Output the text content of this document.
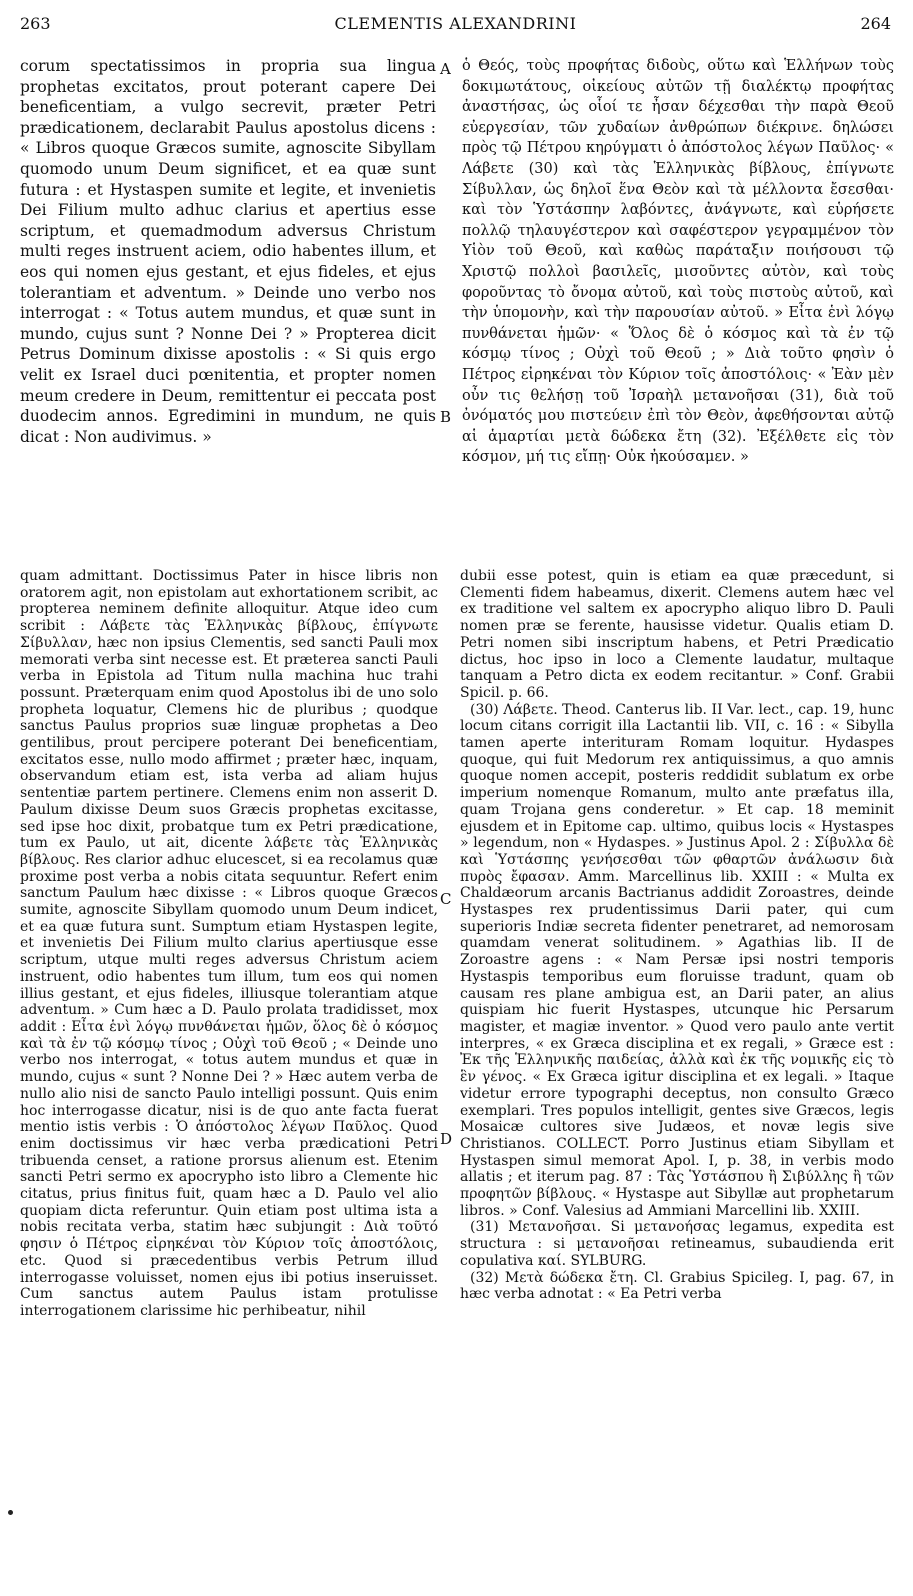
263	CLEMENTIS ALEXANDRINI	264

corum spectatissimos in propria sua lingua prophetas excitatos, prout poterant capere Dei beneficentiam, a vulgo secrevit, præter Petri prædicationem, declarabit Paulus apostolus dicens : « Libros quoque Græcos sumite, agnoscite Sibyllam quomodo unum Deum significet, et ea quæ sunt futura : et Hystaspen sumite et legite, et invenietis Dei Filium multo adhuc clarius et apertius esse scriptum, et quemadmodum adversus Christum multi reges instruent aciem, odio habentes illum, et eos qui nomen ejus gestant, et ejus fideles, et ejus tolerantiam et adventum. » Deinde uno verbo nos interrogat : « Totus autem mundus, et quæ sunt in mundo, cujus sunt ? Nonne Dei ? » Propterea dicit Petrus Dominum dixisse apostolis : « Si quis ergo velit ex Israel duci pœnitentia, et propter nomen meum credere in Deum, remittentur ei peccata post duodecim annos. Egredimini in mundum, ne quis dicat : Non audivimus. »

ὁ Θεός, τοὺς προφήτας διδοὺς, οὕτω καὶ Ἑλλήνων τοὺς δοκιμωτάτους, οἰκείους αὐτῶν τῇ διαλέκτῳ προφήτας ἀναστήσας, ὡς οἷοί τε ἦσαν δέχεσθαι τὴν παρὰ Θεοῦ εὐεργεσίαν, τῶν χυδαίων ἀνθρώπων διέκρινε. δηλώσει πρὸς τῷ Πέτρου κηρύγματι ὁ ἀπόστολος λέγων Παῦλος· « Λάβετε (30) καὶ τὰς Ἑλληνικὰς βίβλους, ἐπίγνωτε Σίβυλλαν, ὡς δηλοῖ ἕνα Θεὸν καὶ τὰ μέλλοντα ἔσεσθαι· καὶ τὸν Ὑστάσπην λαβόντες, ἀνάγνωτε, καὶ εὑρήσετε πολλῷ τηλαυγέστερον καὶ σαφέστερον γεγραμμένον τὸν Υἱὸν τοῦ Θεοῦ, καὶ καθὼς παράταξιν ποιήσουσι τῷ Χριστῷ πολλοὶ βασιλεῖς, μισοῦντες αὐτὸν, καὶ τοὺς φοροῦντας τὸ ὄνομα αὐτοῦ, καὶ τοὺς πιστοὺς αὐτοῦ, καὶ τὴν ὑπομονὴν, καὶ τὴν παρουσίαν αὐτοῦ. » Εἶτα ἑνὶ λόγῳ πυνθάνεται ἡμῶν· « Ὅλος δὲ ὁ κόσμος καὶ τὰ ἐν τῷ κόσμῳ τίνος ; Οὐχὶ τοῦ Θεοῦ ; » Διὰ τοῦτο φησὶν ὁ Πέτρος εἰρηκέναι τὸν Κύριον τοῖς ἀποστόλοις· « Ἐὰν μὲν οὖν τις θελήσῃ τοῦ Ἰσραὴλ μετανοῆσαι (31), διὰ τοῦ ὀνόματός μου πιστεύειν ἐπὶ τὸν Θεὸν, ἀφεθήσονται αὐτῷ αἱ ἁμαρτίαι μετὰ δώδεκα ἔτη (32). Ἐξέλθετε εἰς τὸν κόσμον, μή τις εἴπῃ· Οὐκ ἠκούσαμεν. »

A
B
C
D

quam admittant. Doctissimus Pater in hisce libris non oratorem agit, non epistolam aut exhortationem scribit, ac propterea neminem definite alloquitur. Atque ideo cum scribit : Λάβετε τὰς Ἑλληνικὰς βίβλους, ἐπίγνωτε Σίβυλλαν, hæc non ipsius Clementis, sed sancti Pauli mox memorati verba sint necesse est. Et præterea sancti Pauli verba in Epistola ad Titum nulla machina huc trahi possunt. Præterquam enim quod Apostolus ibi de uno solo propheta loquatur, Clemens hic de pluribus ; quodque sanctus Paulus proprios suæ linguæ prophetas a Deo gentilibus, prout percipere poterant Dei beneficentiam, excitatos esse, nullo modo affirmet ; præter hæc, inquam, observandum etiam est, ista verba ad aliam hujus sententiæ partem pertinere. Clemens enim non asserit D. Paulum dixisse Deum suos Græcis prophetas excitasse, sed ipse hoc dixit, probatque tum ex Petri prædicatione, tum ex Paulo, ut ait, dicente λάβετε τὰς Ἑλληνικὰς βίβλους. Res clarior adhuc elucescet, si ea recolamus quæ proxime post verba a nobis citata sequuntur. Refert enim sanctum Paulum hæc dixisse : « Libros quoque Græcos sumite, agnoscite Sibyllam quomodo unum Deum indicet, et ea quæ futura sunt. Sumptum etiam Hystaspen legite, et invenietis Dei Filium multo clarius apertiusque esse scriptum, utque multi reges adversus Christum aciem instruent, odio habentes tum illum, tum eos qui nomen illius gestant, et ejus fideles, illiusque tolerantiam atque adventum. » Cum hæc a D. Paulo prolata tradidisset, mox addit : Εἶτα ἑνὶ λόγῳ πυνθάνεται ἡμῶν, ὅλος δὲ ὁ κόσμος καὶ τὰ ἐν τῷ κόσμῳ τίνος ; Οὐχὶ τοῦ Θεοῦ ; « Deinde uno verbo nos interrogat, « totus autem mundus et quæ in mundo, cujus « sunt ? Nonne Dei ? » Hæc autem verba de nullo alio nisi de sancto Paulo intelligi possunt. Quis enim hoc interrogasse dicatur, nisi is de quo ante facta fuerat mentio istis verbis : Ὁ ἀπόστολος λέγων Παῦλος. Quod enim doctissimus vir hæc verba prædicationi Petri tribuenda censet, a ratione prorsus alienum est. Etenim sancti Petri sermo ex apocrypho isto libro a Clemente hic citatus, prius finitus fuit, quam hæc a D. Paulo vel alio quopiam dicta referuntur. Quin etiam post ultima ista a nobis recitata verba, statim hæc subjungit : Διὰ τοῦτό φησιν ὁ Πέτρος εἰρηκέναι τὸν Κύριον τοῖς ἀποστόλοις, etc. Quod si præcedentibus verbis Petrum illud interrogasse voluisset, nomen ejus ibi potius inseruisset. Cum sanctus autem Paulus istam protulisse interrogationem clarissime hic perhibeatur, nihil

dubii esse potest, quin is etiam ea quæ præcedunt, si Clementi fidem habeamus, dixerit. Clemens autem hæc vel ex traditione vel saltem ex apocrypho aliquo libro D. Pauli nomen præ se ferente, hausisse videtur. Qualis etiam D. Petri nomen sibi inscriptum habens, et Petri Prædicatio dictus, hoc ipso in loco a Clemente laudatur, multaque tanquam a Petro dicta ex eodem recitantur. » Conf. Grabii Spicil. p. 66.

(30) Λάβετε. Theod. Canterus lib. II Var. lect., cap. 19, hunc locum citans corrigit illa Lactantii lib. VII, c. 16 : « Sibylla tamen aperte interituram Romam loquitur. Hydaspes quoque, qui fuit Medorum rex antiquissimus, a quo amnis quoque nomen accepit, posteris reddidit sublatum ex orbe imperium nomenque Romanum, multo ante præfatus illa, quam Trojana gens conderetur. » Et cap. 18 meminit ejusdem et in Epitome cap. ultimo, quibus locis « Hystaspes » legendum, non « Hydaspes. » Justinus Apol. 2 : Σίβυλλα δὲ καὶ Ὑστάσπης γενήσεσθαι τῶν φθαρτῶν ἀνάλωσιν διὰ πυρὸς ἔφασαν. Amm. Marcellinus lib. XXIII : « Multa ex Chaldæorum arcanis Bactrianus addidit Zoroastres, deinde Hystaspes rex prudentissimus Darii pater, qui cum superioris Indiæ secreta fidenter penetraret, ad nemorosam quamdam venerat solitudinem. » Agathias lib. II de Zoroastre agens : « Nam Persæ ipsi nostri temporis Hystaspis temporibus eum floruisse tradunt, quam ob causam res plane ambigua est, an Darii pater, an alius quispiam hic fuerit Hystaspes, utcunque hic Persarum magister, et magiæ inventor. » Quod vero paulo ante vertit interpres, « ex Græca disciplina et ex regali, » Græce est : Ἐκ τῆς Ἑλληνικῆς παιδείας, ἀλλὰ καὶ ἐκ τῆς νομικῆς εἰς τὸ ἓν γένος. « Ex Græca igitur disciplina et ex legali. » Itaque videtur errore typographi deceptus, non consulto Græco exemplari. Tres populos intelligit, gentes sive Græcos, legis Mosaicæ cultores sive Judæos, et novæ legis sive Christianos. COLLECT. Porro Justinus etiam Sibyllam et Hystaspen simul memorat Apol. I, p. 38, in verbis modo allatis ; et iterum pag. 87 : Τὰς Ὑστάσπου ἢ Σιβύλλης ἢ τῶν προφητῶν βίβλους. « Hystaspe aut Sibyllæ aut prophetarum libros. » Conf. Valesius ad Ammiani Marcellini lib. XXIII.

(31) Μετανοῆσαι. Si μετανοήσας legamus, expedita est structura : si μετανοῆσαι retineamus, subaudienda erit copulativa καί. SYLBURG.

(32) Μετὰ δώδεκα ἔτη. Cl. Grabius Spicileg. I, pag. 67, in hæc verba adnotat : « Ea Petri verba
